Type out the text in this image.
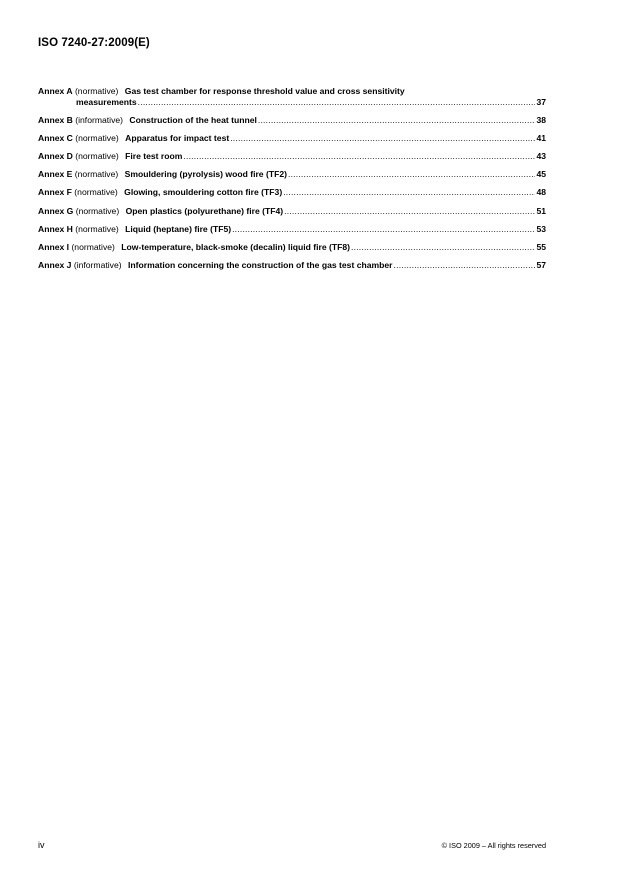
ISO 7240-27:2009(E)
Annex A (normative) Gas test chamber for response threshold value and cross sensitivity
measurements .....	37
Annex B (informative) Construction of the heat tunnel .....	38
Annex C (normative) Apparatus for impact test .....	41
Annex D (normative) Fire test room .....	43
Annex E (normative) Smouldering (pyrolysis) wood fire (TF2) .....	45
Annex F (normative) Glowing, smouldering cotton fire (TF3) .....	48
Annex G (normative) Open plastics (polyurethane) fire (TF4) .....	51
Annex H (normative) Liquid (heptane) fire (TF5) .....	53
Annex I (normative) Low-temperature, black-smoke (decalin) liquid fire (TF8) .....	55
Annex J (informative) Information concerning the construction of the gas test chamber .....	57

iv	© ISO 2009 – All rights reserved
